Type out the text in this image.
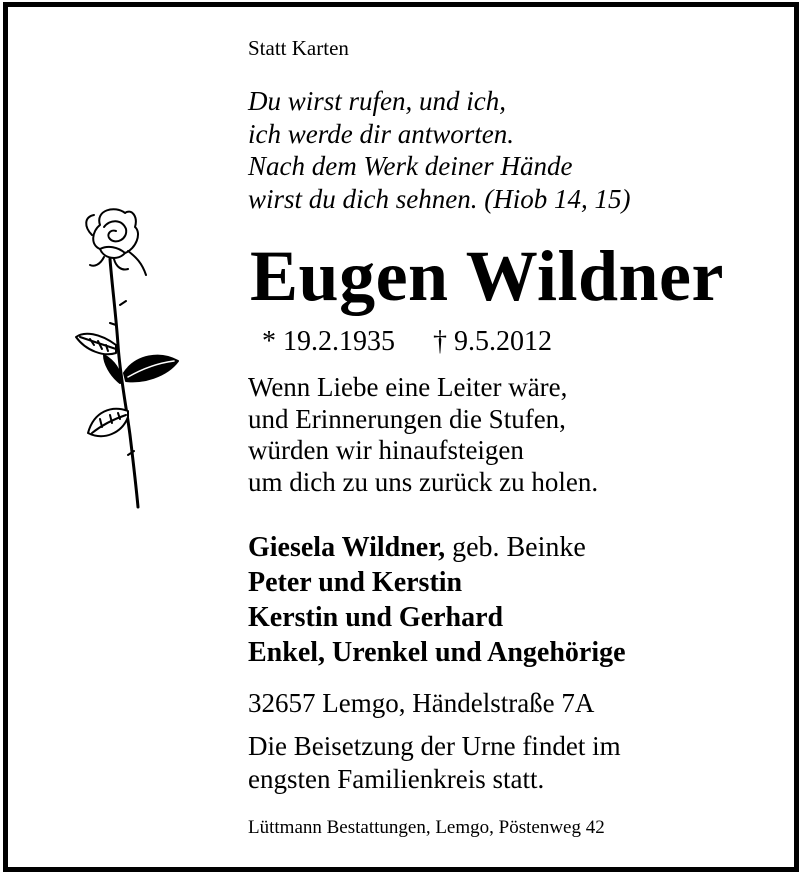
Statt Karten
Du wirst rufen, und ich,
ich werde dir antworten.
Nach dem Werk deiner Hände
wirst du dich sehnen. (Hiob 14, 15)
Eugen Wildner
* 19.2.1935 † 9.5.2012
Wenn Liebe eine Leiter wäre,
und Erinnerungen die Stufen,
würden wir hinaufsteigen
um dich zu uns zurück zu holen.
Giesela Wildner, geb. Beinke
Peter und Kerstin
Kerstin und Gerhard
Enkel, Urenkel und Angehörige
32657 Lemgo, Händelstraße 7A
Die Beisetzung der Urne findet im
engsten Familienkreis statt.
Lüttmann Bestattungen, Lemgo, Pöstenweg 42
